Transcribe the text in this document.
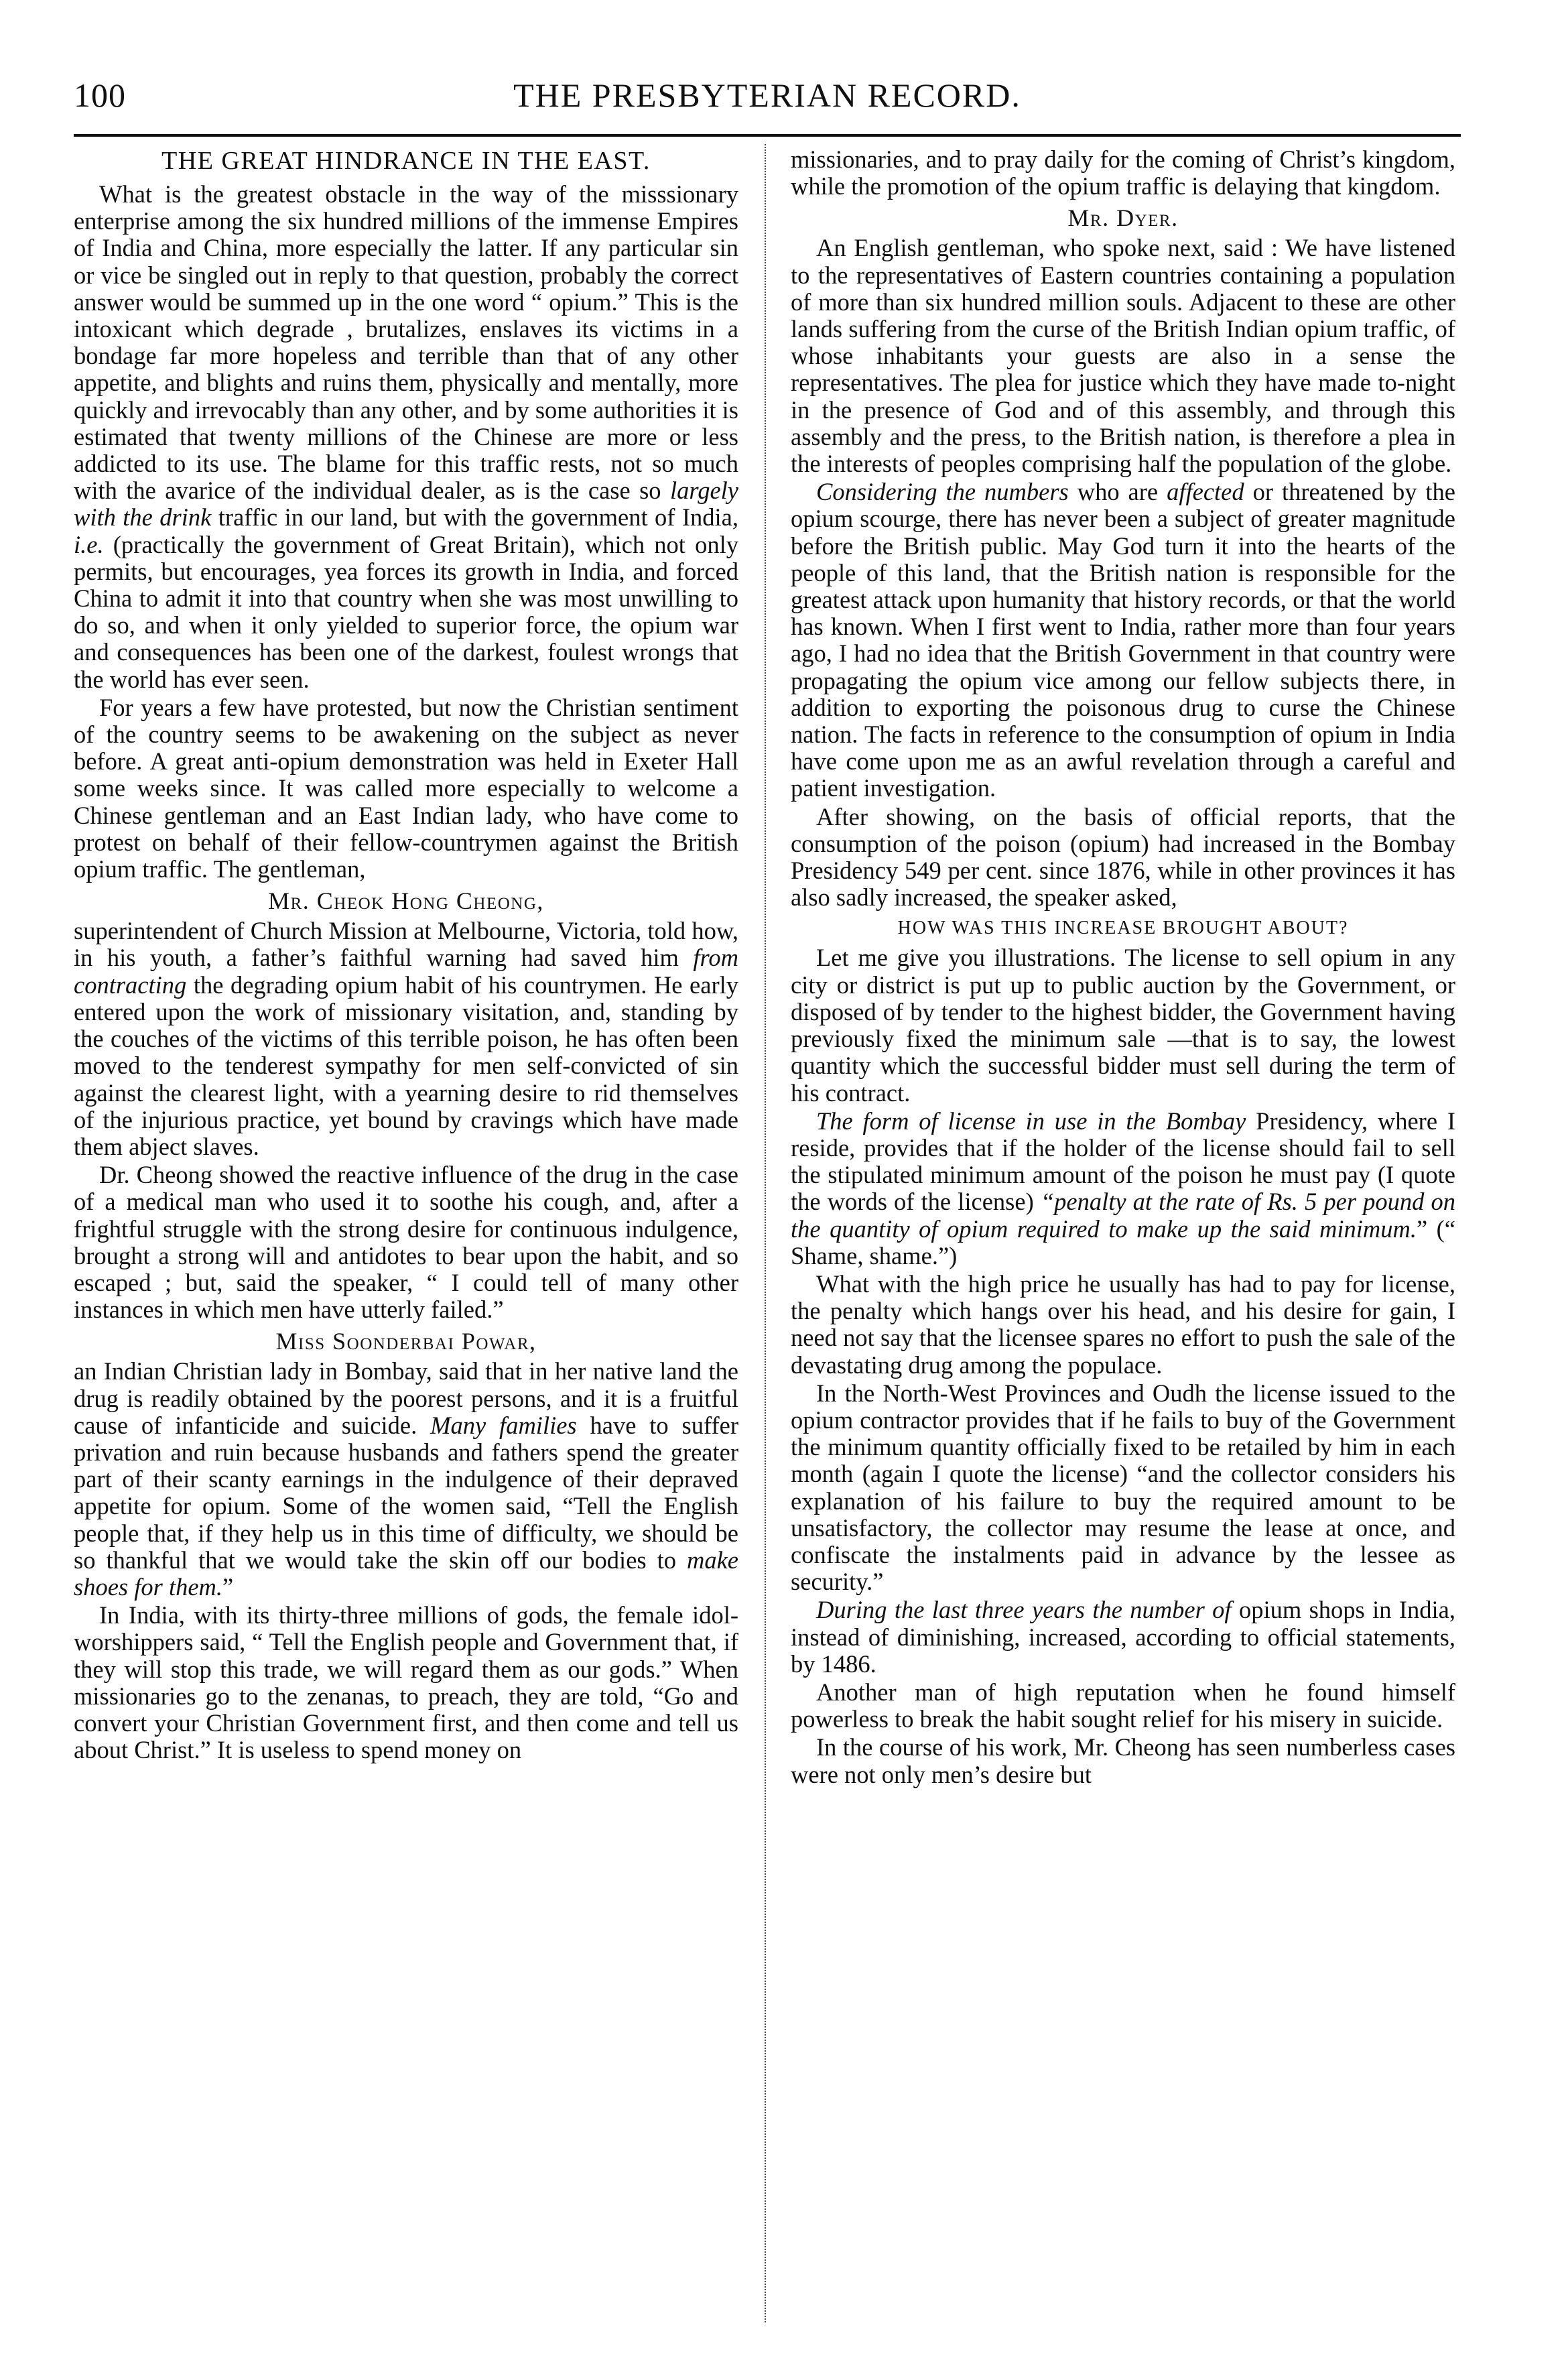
100	THE PRESBYTERIAN RECORD.
THE GREAT HINDRANCE IN THE EAST.

What is the greatest obstacle in the way of the misssionary enterprise among the six hundred millions of the immense Empires of India and China, more especially the latter. If any particular sin or vice be singled out in reply to that question, probably the correct answer would be summed up in the one word “ opium.” This is the intoxicant which degrade , brutalizes, enslaves its victims in a bondage far more hopeless and terrible than that of any other appetite, and blights and ruins them, physically and mentally, more quickly and irrevocably than any other, and by some authorities it is estimated that twenty millions of the Chinese are more or less addicted to its use. The blame for this traffic rests, not so much with the avarice of the individual dealer, as is the case so largely with the drink traffic in our land, but with the government of India, i.e. (practically the government of Great Britain), which not only permits, but encourages, yea forces its growth in India, and forced China to admit it into that country when she was most unwilling to do so, and when it only yielded to superior force, the opium war and consequences has been one of the darkest, foulest wrongs that the world has ever seen.

For years a few have protested, but now the Christian sentiment of the country seems to be awakening on the subject as never before. A great anti-opium demonstration was held in Exeter Hall some weeks since. It was called more especially to welcome a Chinese gentleman and an East Indian lady, who have come to protest on behalf of their fellow-countrymen against the British opium traffic. The gentleman,

Mr. Cheok Hong Cheong,

superintendent of Church Mission at Melbourne, Victoria, told how, in his youth, a father’s faithful warning had saved him from contracting the degrading opium habit of his countrymen. He early entered upon the work of missionary visitation, and, standing by the couches of the victims of this terrible poison, he has often been moved to the tenderest sympathy for men self-convicted of sin against the clearest light, with a yearning desire to rid themselves of the injurious practice, yet bound by cravings which have made them abject slaves.

Dr. Cheong showed the reactive influence of the drug in the case of a medical man who used it to soothe his cough, and, after a frightful struggle with the strong desire for continuous indulgence, brought a strong will and antidotes to bear upon the habit, and so escaped ; but, said the speaker, “ I could tell of many other instances in which men have utterly failed.”

Miss Soonderbai Powar,

an Indian Christian lady in Bombay, said that in her native land the drug is readily obtained by the poorest persons, and it is a fruitful cause of infanticide and suicide. Many families have to suffer privation and ruin because husbands and fathers spend the greater part of their scanty earnings in the indulgence of their depraved appetite for opium. Some of the women said, “Tell the English people that, if they help us in this time of difficulty, we should be so thankful that we would take the skin off our bodies to make shoes for them.”

In India, with its thirty-three millions of gods, the female idol-worshippers said, “ Tell the English people and Government that, if they will stop this trade, we will regard them as our gods.” When missionaries go to the zenanas, to preach, they are told, “Go and convert your Christian Government first, and then come and tell us about Christ.” It is useless to spend money on

missionaries, and to pray daily for the coming of Christ’s kingdom, while the promotion of the opium traffic is delaying that kingdom.

Mr. Dyer.

An English gentleman, who spoke next, said : We have listened to the representatives of Eastern countries containing a population of more than six hundred million souls. Adjacent to these are other lands suffering from the curse of the British Indian opium traffic, of whose inhabitants your guests are also in a sense the representatives. The plea for justice which they have made to-night in the presence of God and of this assembly, and through this assembly and the press, to the British nation, is therefore a plea in the interests of peoples comprising half the population of the globe.

Considering the numbers who are affected or threatened by the opium scourge, there has never been a subject of greater magnitude before the British public. May God turn it into the hearts of the people of this land, that the British nation is responsible for the greatest attack upon humanity that history records, or that the world has known. When I first went to India, rather more than four years ago, I had no idea that the British Government in that country were propagating the opium vice among our fellow subjects there, in addition to exporting the poisonous drug to curse the Chinese nation. The facts in reference to the consumption of opium in India have come upon me as an awful revelation through a careful and patient investigation.

After showing, on the basis of official reports, that the consumption of the poison (opium) had increased in the Bombay Presidency 549 per cent. since 1876, while in other provinces it has also sadly increased, the speaker asked,

HOW WAS THIS INCREASE BROUGHT ABOUT?

Let me give you illustrations. The license to sell opium in any city or district is put up to public auction by the Government, or disposed of by tender to the highest bidder, the Government having previously fixed the minimum sale —that is to say, the lowest quantity which the successful bidder must sell during the term of his contract.

The form of license in use in the Bombay Presidency, where I reside, provides that if the holder of the license should fail to sell the stipulated minimum amount of the poison he must pay (I quote the words of the license) “penalty at the rate of Rs. 5 per pound on the quantity of opium required to make up the said minimum.” (“ Shame, shame.”)

What with the high price he usually has had to pay for license, the penalty which hangs over his head, and his desire for gain, I need not say that the licensee spares no effort to push the sale of the devastating drug among the populace.

In the North-West Provinces and Oudh the license issued to the opium contractor provides that if he fails to buy of the Government the minimum quantity officially fixed to be retailed by him in each month (again I quote the license) “and the collector considers his explanation of his failure to buy the required amount to be unsatisfactory, the collector may resume the lease at once, and confiscate the instalments paid in advance by the lessee as security.”

During the last three years the number of opium shops in India, instead of diminishing, increased, according to official statements, by 1486.

Another man of high reputation when he found himself powerless to break the habit sought relief for his misery in suicide.

In the course of his work, Mr. Cheong has seen numberless cases were not only men’s desire but
